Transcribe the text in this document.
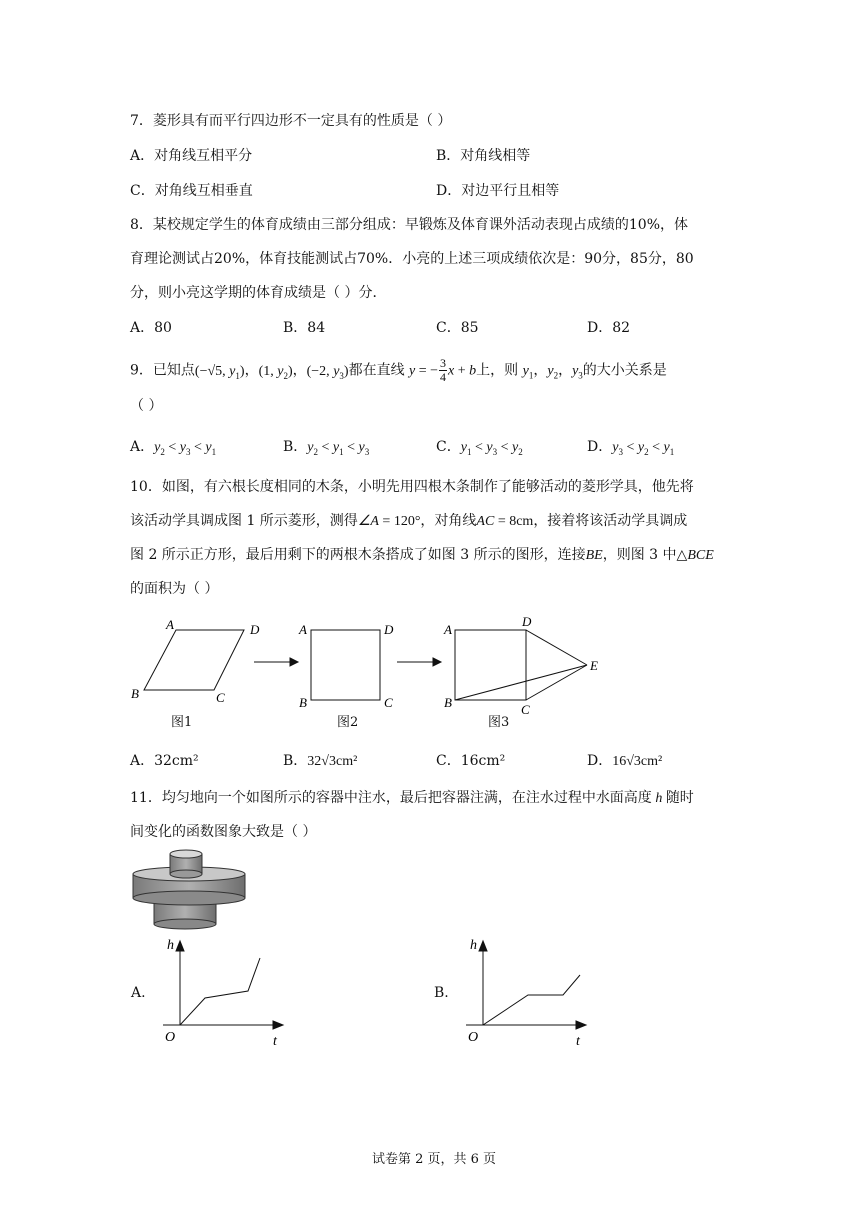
7．菱形具有而平行四边形不一定具有的性质是（ ）
A．对角线互相平分	B．对角线相等
C．对角线互相垂直	D．对边平行且相等
8．某校规定学生的体育成绩由三部分组成：早锻炼及体育课外活动表现占成绩的10%，体
育理论测试占20%，体育技能测试占70%．小亮的上述三项成绩依次是：90分，85分，80
分，则小亮这学期的体育成绩是（ ）分．
A．80	B．84	C．85	D．82
9．已知点(−√5, $y_1$)，(1, $y_2$)，(−2, $y_3$)都在直线 y = − $\frac{3}{4}$ x + b上，则 $y_1$，$y_2$，$y_3$的大小关系是
（ ）
A．$y_2 < y_3 < y_1$	B．$y_2 < y_1 < y_3$	C．$y_1 < y_3 < y_2$	D．$y_3 < y_2 < y_1$
10．如图，有六根长度相同的木条，小明先用四根木条制作了能够活动的菱形学具，他先将
该活动学具调成图 1 所示菱形，测得∠A = 120°，对角线AC = 8cm，接着将该活动学具调成
图 2 所示正方形，最后用剩下的两根木条搭成了如图 3 所示的图形，连接BE，则图 3 中△BCE
的面积为（ ）
A	D
B	C
A	D
B	C
A
D
E
B	C
图1	图2	图3
A．32cm²	B．32√3cm²	C．16cm²	D．16√3cm²
11．均匀地向一个如图所示的容器中注水，最后把容器注满，在注水过程中水面高度 h 随时
间变化的函数图象大致是（ ）
A.
h
O	t
B.
h
O	t
试卷第 2 页，共 6 页
